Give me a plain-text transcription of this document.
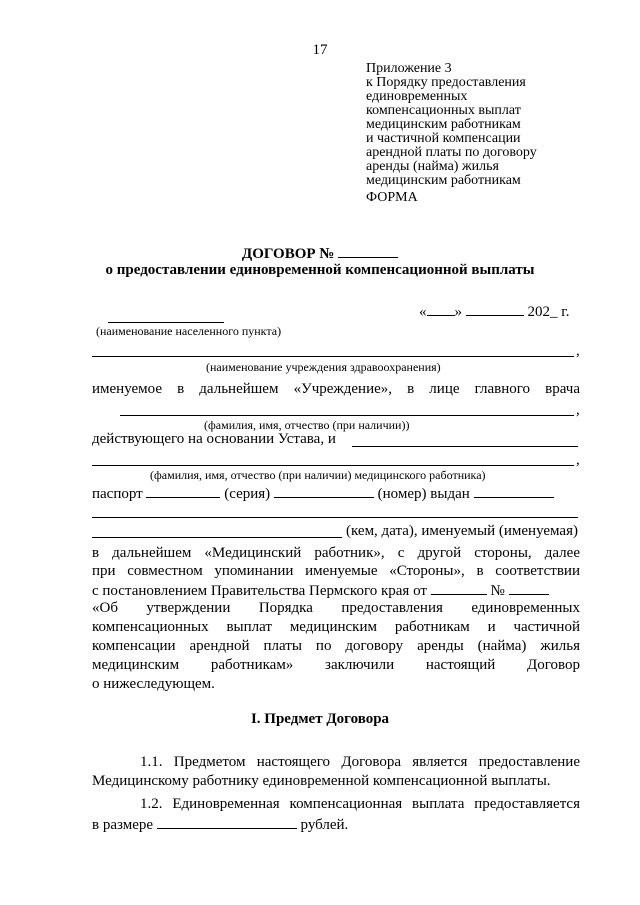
17
Приложение 3
к Порядку предоставления
единовременных
компенсационных выплат
медицинским работникам
и частичной компенсации
арендной платы по договору
аренды (найма) жилья
медицинским работникам
ФОРМА
ДОГОВОР №
о предоставлении единовременной компенсационной выплаты
« »	202_ г.
(наименование населенного пункта)
,
(наименование учреждения здравоохранения)
именуемое в дальнейшем «Учреждение», в лице главного врача
,
(фамилия, имя, отчество (при наличии))
действующего на основании Устава, и
,
(фамилия, имя, отчество (при наличии) медицинского работника)
паспорт	(серия)	(номер) выдан
(кем, дата), именуемый (именуемая)
в дальнейшем «Медицинский работник», с другой стороны, далее
при совместном упоминании именуемые «Стороны», в соответствии
с постановлением Правительства Пермского края от	№
«Об утверждении Порядка предоставления единовременных
компенсационных выплат медицинским работникам и частичной
компенсации арендной платы по договору аренды (найма) жилья
медицинским работникам» заключили настоящий Договор
о нижеследующем.
I. Предмет Договора
1.1. Предметом настоящего Договора является предоставление
Медицинскому работнику единовременной компенсационной выплаты.
1.2. Единовременная компенсационная выплата предоставляется
в размере	рублей.
